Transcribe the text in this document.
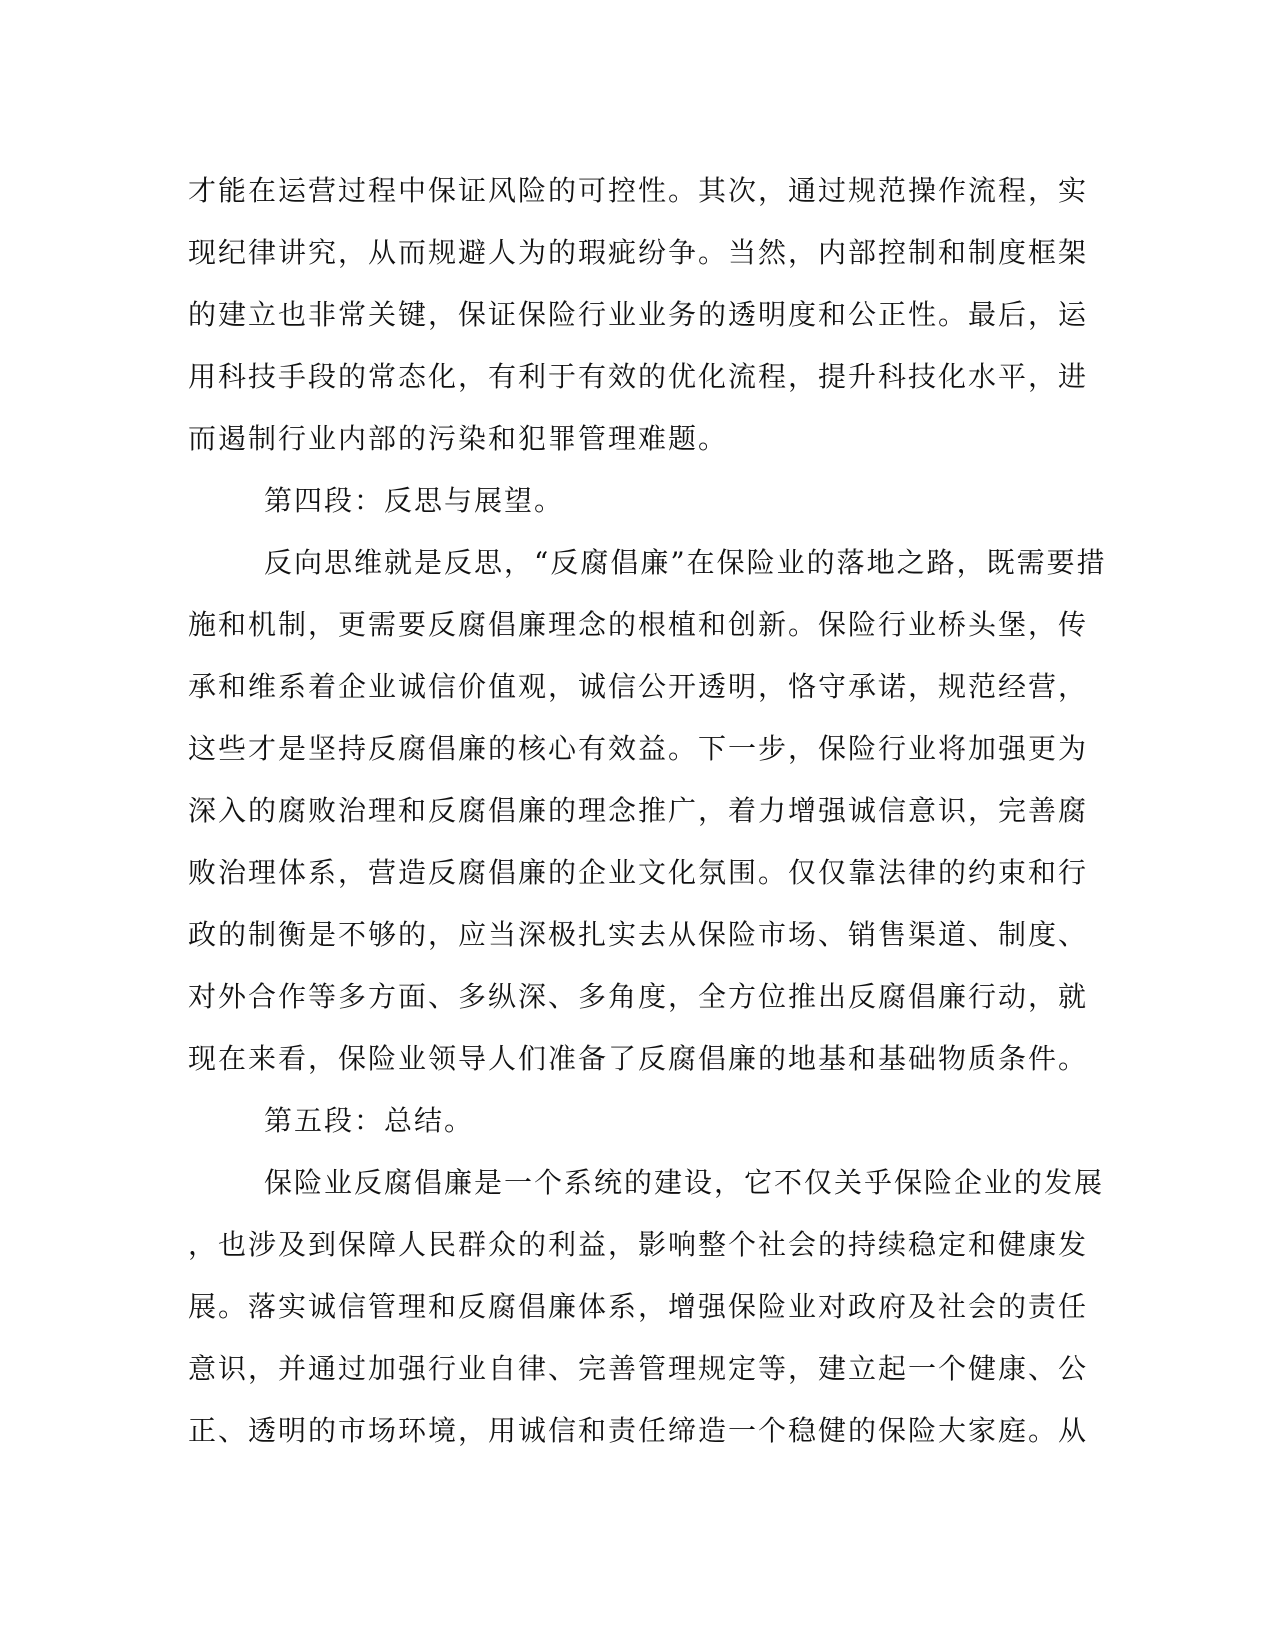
才能在运营过程中保证风险的可控性。其次，通过规范操作流程，实
现纪律讲究，从而规避人为的瑕疵纷争。当然，内部控制和制度框架
的建立也非常关键，保证保险行业业务的透明度和公正性。最后，运
用科技手段的常态化，有利于有效的优化流程，提升科技化水平，进
而遏制行业内部的污染和犯罪管理难题。
第四段：反思与展望。
反向思维就是反思，“反腐倡廉”在保险业的落地之路，既需要措
施和机制，更需要反腐倡廉理念的根植和创新。保险行业桥头堡，传
承和维系着企业诚信价值观，诚信公开透明，恪守承诺，规范经营，
这些才是坚持反腐倡廉的核心有效益。下一步，保险行业将加强更为
深入的腐败治理和反腐倡廉的理念推广，着力增强诚信意识，完善腐
败治理体系，营造反腐倡廉的企业文化氛围。仅仅靠法律的约束和行
政的制衡是不够的，应当深极扎实去从保险市场、销售渠道、制度、
对外合作等多方面、多纵深、多角度，全方位推出反腐倡廉行动，就
现在来看，保险业领导人们准备了反腐倡廉的地基和基础物质条件。
第五段：总结。
保险业反腐倡廉是一个系统的建设，它不仅关乎保险企业的发展
，也涉及到保障人民群众的利益，影响整个社会的持续稳定和健康发
展。落实诚信管理和反腐倡廉体系，增强保险业对政府及社会的责任
意识，并通过加强行业自律、完善管理规定等，建立起一个健康、公
正、透明的市场环境，用诚信和责任缔造一个稳健的保险大家庭。从
